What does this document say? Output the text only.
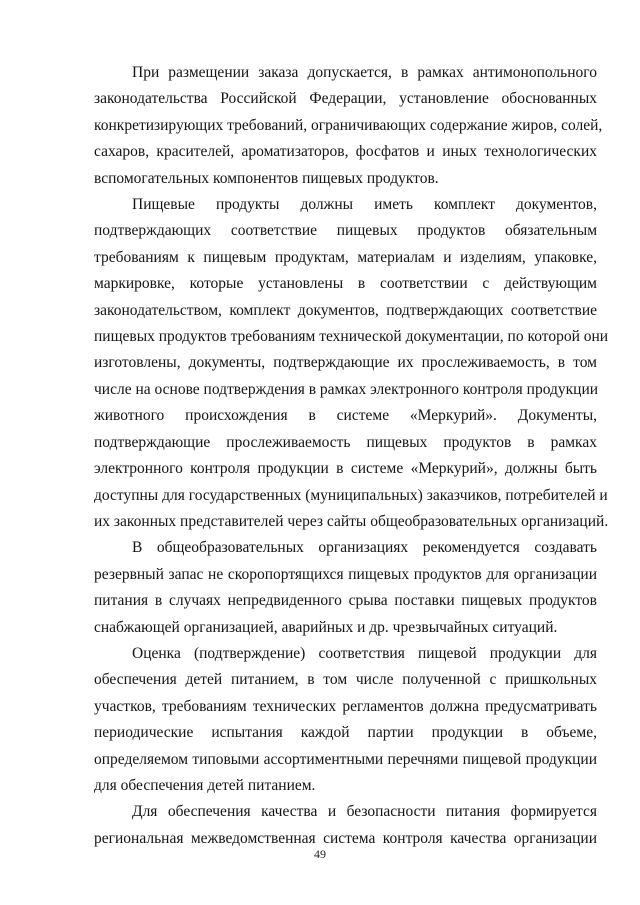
При размещении заказа допускается, в рамках антимонопольного
законодательства Российской Федерации, установление обоснованных
конкретизирующих требований, ограничивающих содержание жиров, солей,
сахаров, красителей, ароматизаторов, фосфатов и иных технологических
вспомогательных компонентов пищевых продуктов.

Пищевые продукты должны иметь комплект документов,
подтверждающих соответствие пищевых продуктов обязательным
требованиям к пищевым продуктам, материалам и изделиям, упаковке,
маркировке, которые установлены в соответствии с действующим
законодательством, комплект документов, подтверждающих соответствие
пищевых продуктов требованиям технической документации, по которой они
изготовлены, документы, подтверждающие их прослеживаемость, в том
числе на основе подтверждения в рамках электронного контроля продукции
животного происхождения в системе «Меркурий». Документы,
подтверждающие прослеживаемость пищевых продуктов в рамках
электронного контроля продукции в системе «Меркурий», должны быть
доступны для государственных (муниципальных) заказчиков, потребителей и
их законных представителей через сайты общеобразовательных организаций.

В общеобразовательных организациях рекомендуется создавать
резервный запас не скоропортящихся пищевых продуктов для организации
питания в случаях непредвиденного срыва поставки пищевых продуктов
снабжающей организацией, аварийных и др. чрезвычайных ситуаций.

Оценка (подтверждение) соответствия пищевой продукции для
обеспечения детей питанием, в том числе полученной с пришкольных
участков, требованиям технических регламентов должна предусматривать
периодические испытания каждой партии продукции в объеме,
определяемом типовыми ассортиментными перечнями пищевой продукции
для обеспечения детей питанием.

Для обеспечения качества и безопасности питания формируется
региональная межведомственная система контроля качества организации

49
